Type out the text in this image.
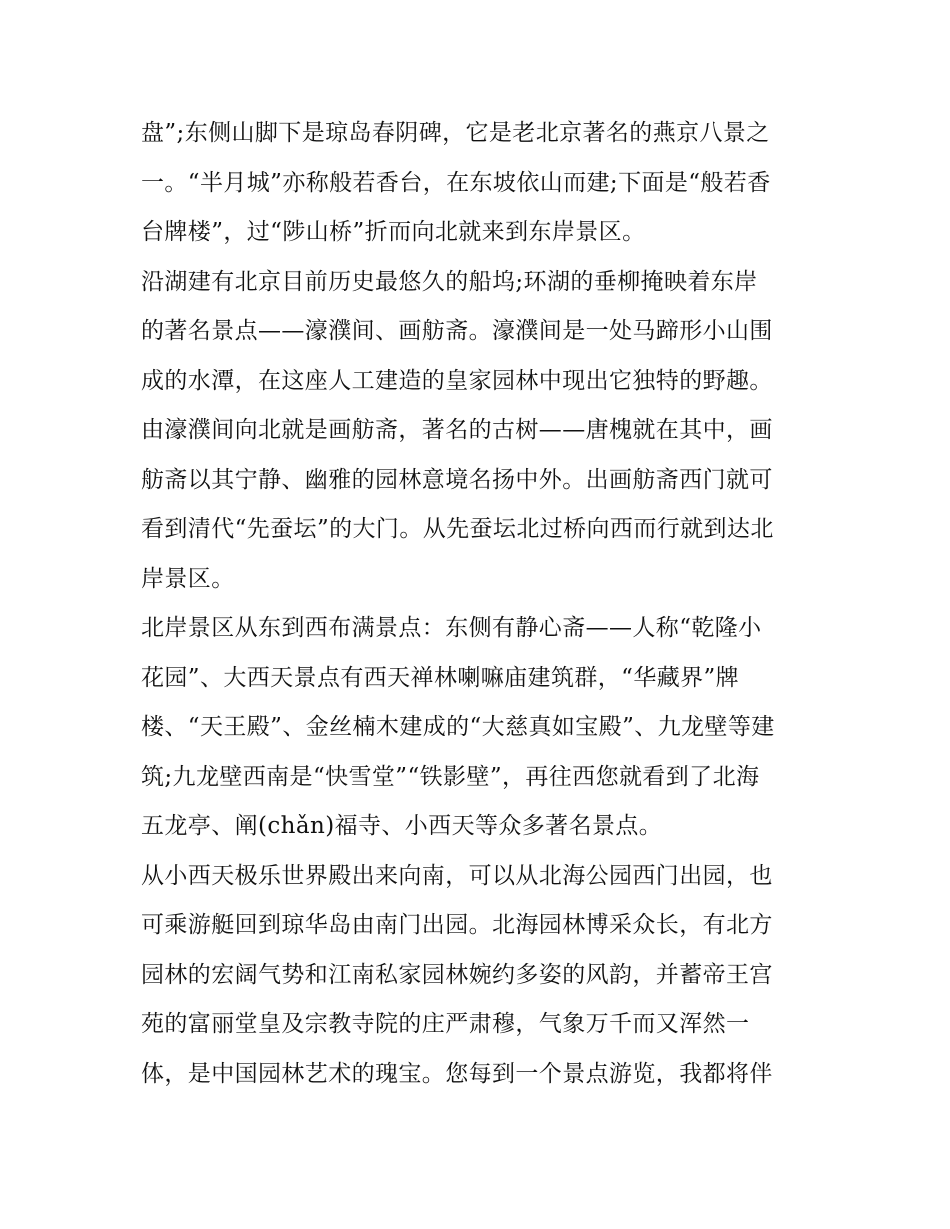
盘”;东侧山脚下是琼岛春阴碑，它是老北京著名的燕京八景之
一。“半月城”亦称般若香台，在东坡依山而建;下面是“般若香
台牌楼”，过“陟山桥”折而向北就来到东岸景区。
沿湖建有北京目前历史最悠久的船坞;环湖的垂柳掩映着东岸
的著名景点——濠濮间、画舫斋。濠濮间是一处马蹄形小山围
成的水潭，在这座人工建造的皇家园林中现出它独特的野趣。
由濠濮间向北就是画舫斋，著名的古树——唐槐就在其中，画
舫斋以其宁静、幽雅的园林意境名扬中外。出画舫斋西门就可
看到清代“先蚕坛”的大门。从先蚕坛北过桥向西而行就到达北
岸景区。
北岸景区从东到西布满景点：东侧有静心斋——人称“乾隆小
花园”、大西天景点有西天禅林喇嘛庙建筑群，“华藏界”牌
楼、“天王殿”、金丝楠木建成的“大慈真如宝殿”、九龙壁等建
筑;九龙壁西南是“快雪堂”“铁影壁”，再往西您就看到了北海
五龙亭、阐(chǎn)福寺、小西天等众多著名景点。
从小西天极乐世界殿出来向南，可以从北海公园西门出园，也
可乘游艇回到琼华岛由南门出园。北海园林博采众长，有北方
园林的宏阔气势和江南私家园林婉约多姿的风韵，并蓄帝王宫
苑的富丽堂皇及宗教寺院的庄严肃穆，气象万千而又浑然一
体，是中国园林艺术的瑰宝。您每到一个景点游览，我都将伴
